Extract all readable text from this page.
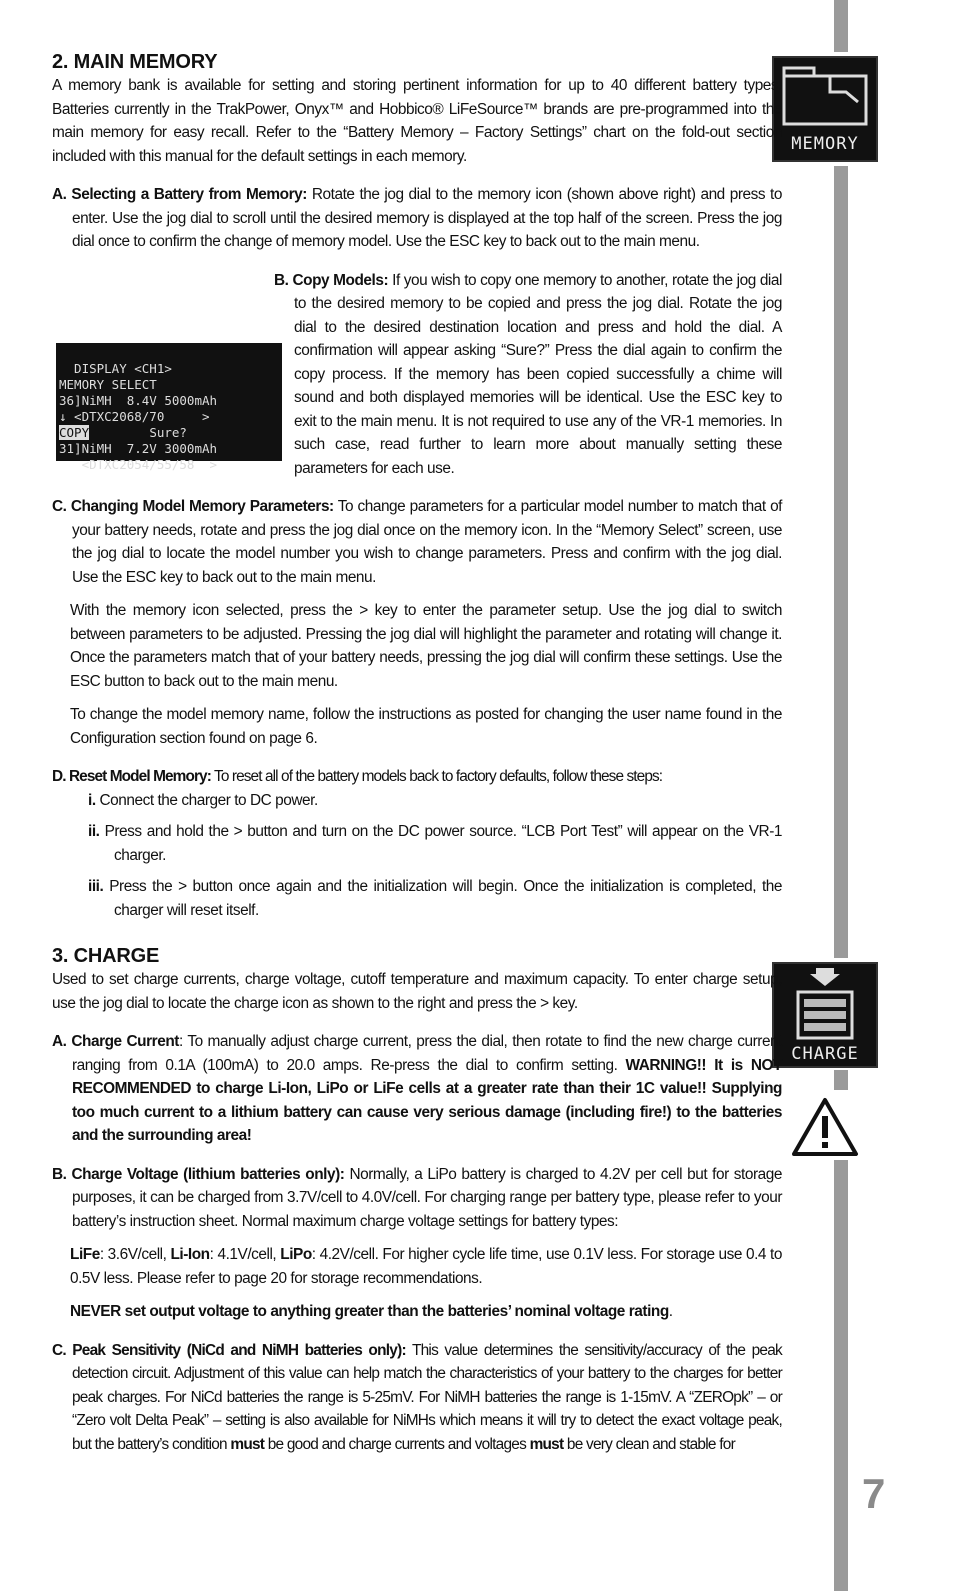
MEMORY
CHARGE
2. MAIN MEMORY

A memory bank is available for setting and storing pertinent information for up to 40 different battery types. Batteries currently in the TrakPower, Onyx™ and Hobbico® LiFeSource™ brands are pre-programmed into the main memory for easy recall. Refer to the “Battery Memory – Factory Settings” chart on the fold-out section included with this manual for the default settings in each memory.

A. Selecting a Battery from Memory: Rotate the jog dial to the memory icon (shown above right) and press to enter. Use the jog dial to scroll until the desired memory is displayed at the top half of the screen. Press the jog dial once to confirm the change of memory model. Use the ESC key to back out to the main menu.
B. Copy Models: If you wish to copy one memory to another, rotate the jog dial to the desired memory to be copied and press the jog dial. Rotate the jog dial to the desired destination location and press and hold the dial. A confirmation will appear asking “Sure?” Press the dial again to confirm the copy process. If the memory has been copied successfully a chime will sound and both displayed memories will be identical. Use the ESC key to exit to the main menu. It is not required to use any of the VR-1 memories. In such case, read further to learn more about manually setting these parameters for each use.

DISPLAY <CH1>
MEMORY SELECT
36]NiMH  8.4V 5000mAh
↓ <DTXC2068/70     >
COPY        Sure?
31]NiMH  7.2V 3000mAh
<DTXC2054/55/58  >
C. Changing Model Memory Parameters: To change parameters for a particular model number to match that of your battery needs, rotate and press the jog dial once on the memory icon. In the “Memory Select” screen, use the jog dial to locate the model number you wish to change parameters. Press and confirm with the jog dial. Use the ESC key to back out to the main menu.
With the memory icon selected, press the > key to enter the parameter setup. Use the jog dial to switch between parameters to be adjusted. Pressing the jog dial will highlight the parameter and rotating will change it. Once the parameters match that of your battery needs, pressing the jog dial will confirm these settings. Use the ESC button to back out to the main menu.
To change the model memory name, follow the instructions as posted for changing the user name found in the Configuration section found on page 6.
D. Reset Model Memory: To reset all of the battery models back to factory defaults, follow these steps:
i. Connect the charger to DC power.
ii. Press and hold the > button and turn on the DC power source. “LCB Port Test” will appear on the VR-1 charger.
iii. Press the > button once again and the initialization will begin. Once the initialization is completed, the charger will reset itself.
3. CHARGE

Used to set charge currents, charge voltage, cutoff temperature and maximum capacity. To enter charge setup, use the jog dial to locate the charge icon as shown to the right and press the > key.

A. Charge Current: To manually adjust charge current, press the dial, then rotate to find the new charge current ranging from 0.1A (100mA) to 20.0 amps. Re-press the dial to confirm setting. WARNING!! It is NOT RECOMMENDED to charge Li-Ion, LiPo or LiFe cells at a greater rate than their 1C value!! Supplying too much current to a lithium battery can cause very serious damage (including fire!) to the batteries and the surrounding area!
B. Charge Voltage (lithium batteries only): Normally, a LiPo battery is charged to 4.2V per cell but for storage purposes, it can be charged from 3.7V/cell to 4.0V/cell. For charging range per battery type, please refer to your battery’s instruction sheet. Normal maximum charge voltage settings for battery types:
LiFe: 3.6V/cell, Li-Ion: 4.1V/cell, LiPo: 4.2V/cell. For higher cycle life time, use 0.1V less. For storage use 0.4 to 0.5V less. Please refer to page 20 for storage recommendations.
NEVER set output voltage to anything greater than the batteries’ nominal voltage rating.
C. Peak Sensitivity (NiCd and NiMH batteries only): This value determines the sensitivity/accuracy of the peak detection circuit. Adjustment of this value can help match the characteristics of your battery to the charges for better peak charges. For NiCd batteries the range is 5-25mV. For NiMH batteries the range is 1-15mV. A “ZEROpk” – or “Zero volt Delta Peak” – setting is also available for NiMHs which means it will try to detect the exact voltage peak, but the battery’s condition must be good and charge currents and voltages must be very clean and stable for
7
